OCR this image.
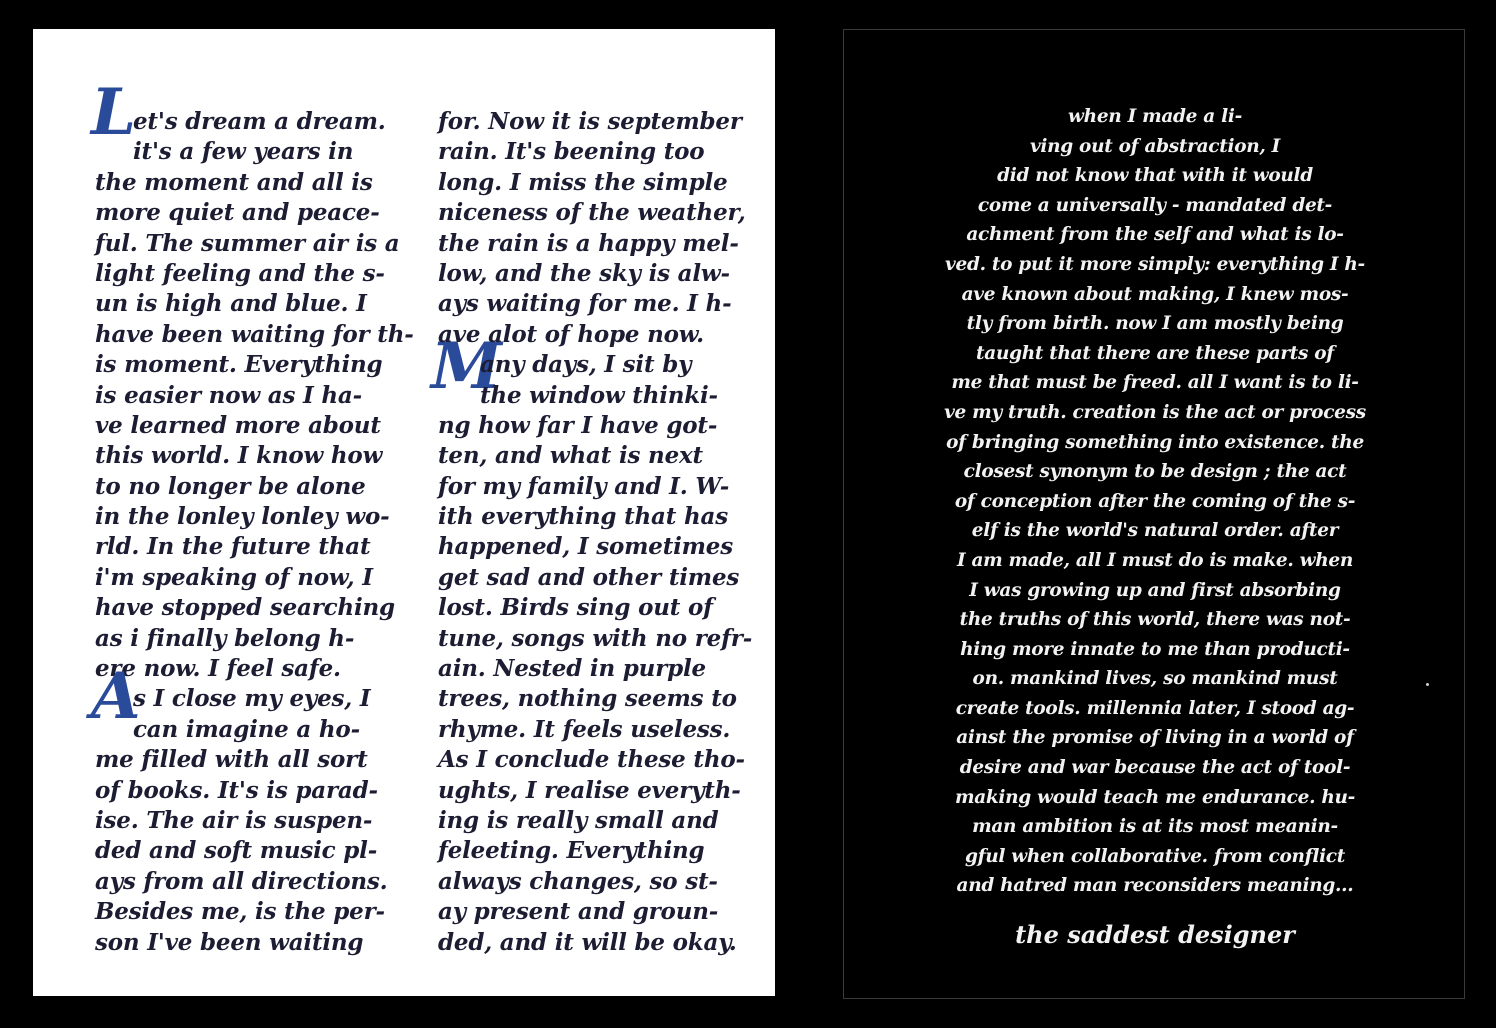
L
et's dream a dream.
it's a few years in
the moment and all is
more quiet and peace-
ful. The summer air is a
light feeling and the s-
un is high and blue. I
have been waiting for th-
is moment. Everything
is easier now as I ha-
ve learned more about
this world. I know how
to no longer be alone
in the lonley lonley wo-
rld. In the future that
i'm speaking of now, I
have stopped searching
as i finally belong h-
ere now. I feel safe.
s I close my eyes, I
can imagine a ho-
me filled with all sort
of books. It's is parad-
ise. The air is suspen-
ded and soft music pl-
ays from all directions.
Besides me, is the per-
son I've been waiting
M
for. Now it is september
rain. It's beening too
long. I miss the simple
niceness of the weather,
the rain is a happy mel-
low, and the sky is alw-
ays waiting for me. I h-
ave alot of hope now.
any days, I sit by
the window thinki-
ng how far I have got-
ten, and what is next
for my family and I. W-
ith everything that has
happened, I sometimes
get sad and other times
lost. Birds sing out of
tune, songs with no refr-
ain. Nested in purple
trees, nothing seems to
rhyme. It feels useless.
As I conclude these tho-
ughts, I realise everyth-
ing is really small and
feleeting. Everything
always changes, so st-
ay present and groun-
ded, and it will be okay.
A
when I made a li-
ving out of abstraction, I
did not know that with it would
come a universally - mandated det-
achment from the self and what is lo-
ved. to put it more simply: everything I h-
ave known about making, I knew mos-
tly from birth. now I am mostly being
taught that there are these parts of
me that must be freed. all I want is to li-
ve my truth. creation is the act or process
of bringing something into existence. the
closest synonym to be design ; the act
of conception after the coming of the s-
elf is the world's natural order. after
I am made, all I must do is make. when
I was growing up and first absorbing
the truths of this world, there was not-
hing more innate to me than producti-
on. mankind lives, so mankind must
create tools. millennia later, I stood ag-
ainst the promise of living in a world of
desire and war because the act of tool-
making would teach me endurance. hu-
man ambition is at its most meanin-
gful when collaborative. from conflict
and hatred man reconsiders meaning...
the saddest designer
